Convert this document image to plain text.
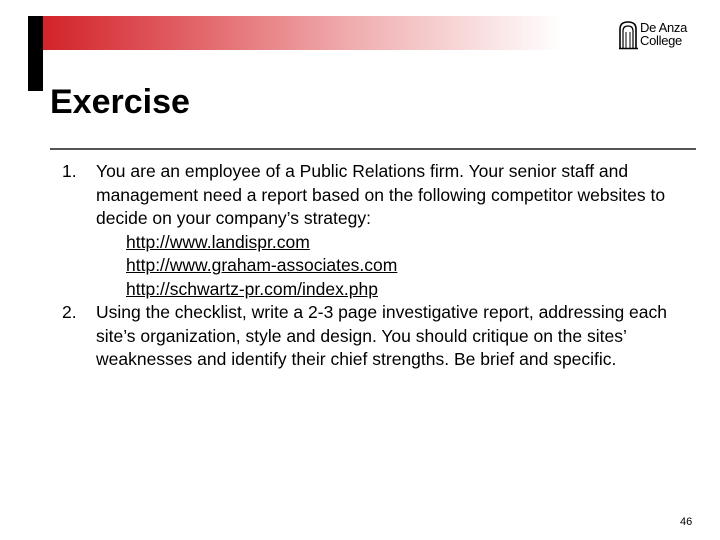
De Anza
College
Exercise
1. You are an employee of a Public Relations firm. Your senior staff and management need a report based on the following competitor websites to decide on your company’s strategy:
http://www.landispr.com
http://www.graham-associates.com
http://schwartz-pr.com/index.php
2. Using the checklist, write a 2-3 page investigative report, addressing each site’s organization, style and design. You should critique on the sites’ weaknesses and identify their chief strengths. Be brief and specific.
46
